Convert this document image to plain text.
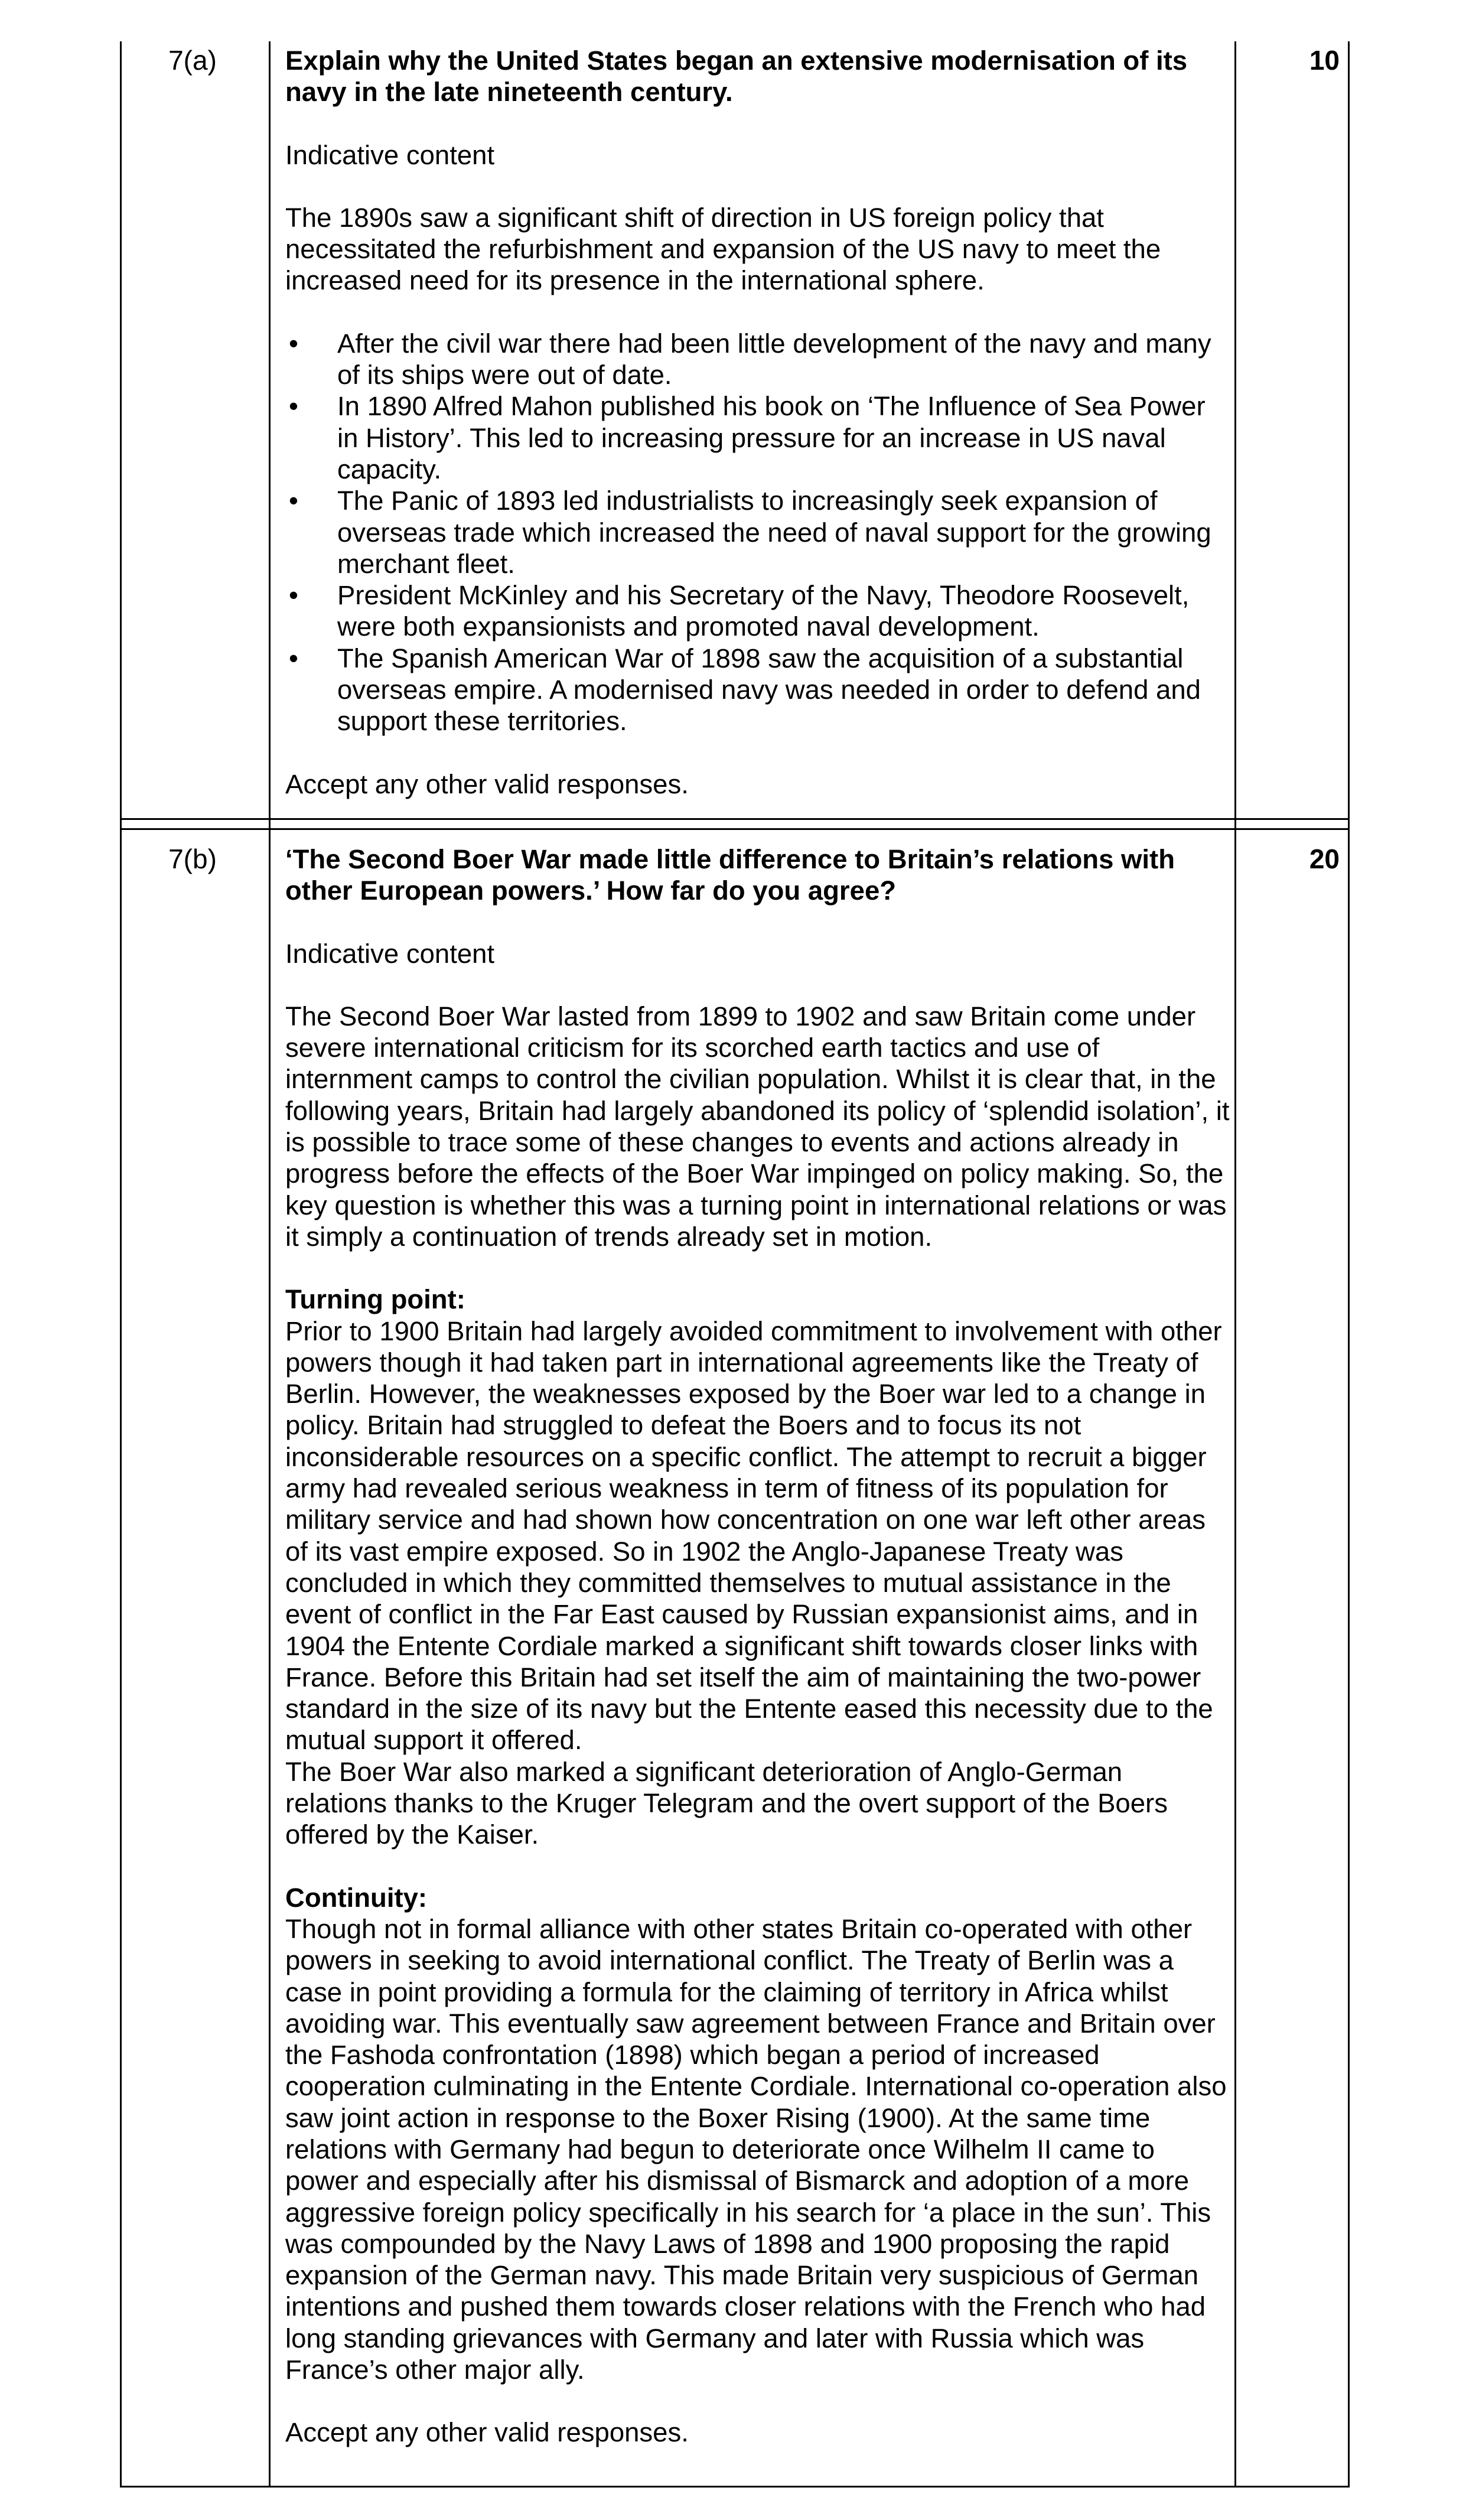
7(a)	10

Explain why the United States began an extensive modernisation of its navy in the late nineteenth century.

Indicative content

The 1890s saw a significant shift of direction in US foreign policy that necessitated the refurbishment and expansion of the US navy to meet the increased need for its presence in the international sphere.

• After the civil war there had been little development of the navy and many of its ships were out of date.
• In 1890 Alfred Mahon published his book on ‘The Influence of Sea Power in History’. This led to increasing pressure for an increase in US naval capacity.
• The Panic of 1893 led industrialists to increasingly seek expansion of overseas trade which increased the need of naval support for the growing merchant fleet.
• President McKinley and his Secretary of the Navy, Theodore Roosevelt, were both expansionists and promoted naval development.
• The Spanish American War of 1898 saw the acquisition of a substantial overseas empire. A modernised navy was needed in order to defend and support these territories.

Accept any other valid responses.

7(b)	20

‘The Second Boer War made little difference to Britain’s relations with other European powers.’ How far do you agree?

Indicative content

The Second Boer War lasted from 1899 to 1902 and saw Britain come under severe international criticism for its scorched earth tactics and use of internment camps to control the civilian population. Whilst it is clear that, in the following years, Britain had largely abandoned its policy of ‘splendid isolation’, it is possible to trace some of these changes to events and actions already in progress before the effects of the Boer War impinged on policy making. So, the key question is whether this was a turning point in international relations or was it simply a continuation of trends already set in motion.

Turning point:

Prior to 1900 Britain had largely avoided commitment to involvement with other powers though it had taken part in international agreements like the Treaty of Berlin. However, the weaknesses exposed by the Boer war led to a change in policy. Britain had struggled to defeat the Boers and to focus its not inconsiderable resources on a specific conflict. The attempt to recruit a bigger army had revealed serious weakness in term of fitness of its population for military service and had shown how concentration on one war left other areas of its vast empire exposed. So in 1902 the Anglo-Japanese Treaty was concluded in which they committed themselves to mutual assistance in the event of conflict in the Far East caused by Russian expansionist aims, and in 1904 the Entente Cordiale marked a significant shift towards closer links with France. Before this Britain had set itself the aim of maintaining the two-power standard in the size of its navy but the Entente eased this necessity due to the mutual support it offered.

The Boer War also marked a significant deterioration of Anglo-German relations thanks to the Kruger Telegram and the overt support of the Boers offered by the Kaiser.

Continuity:

Though not in formal alliance with other states Britain co-operated with other powers in seeking to avoid international conflict. The Treaty of Berlin was a case in point providing a formula for the claiming of territory in Africa whilst avoiding war. This eventually saw agreement between France and Britain over the Fashoda confrontation (1898) which began a period of increased cooperation culminating in the Entente Cordiale. International co-operation also saw joint action in response to the Boxer Rising (1900). At the same time relations with Germany had begun to deteriorate once Wilhelm II came to power and especially after his dismissal of Bismarck and adoption of a more aggressive foreign policy specifically in his search for ‘a place in the sun’. This was compounded by the Navy Laws of 1898 and 1900 proposing the rapid expansion of the German navy. This made Britain very suspicious of German intentions and pushed them towards closer relations with the French who had long standing grievances with Germany and later with Russia which was France’s other major ally.

Accept any other valid responses.
